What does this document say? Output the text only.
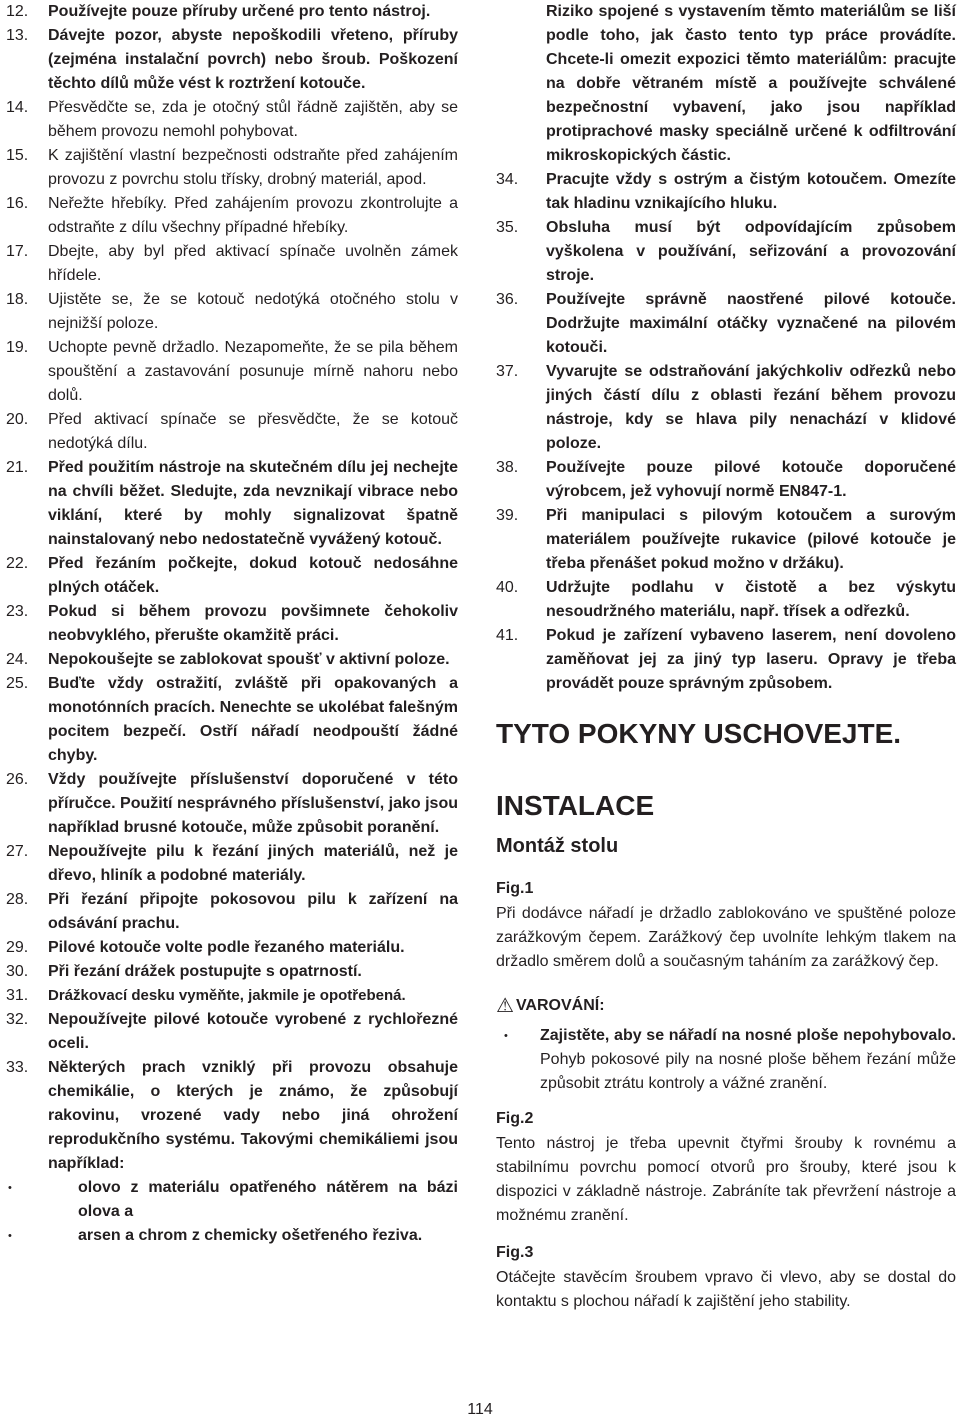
12. Používejte pouze příruby určené pro tento nástroj.
13. Dávejte pozor, abyste nepoškodili vřeteno, příruby (zejména instalační povrch) nebo šroub. Poškození těchto dílů může vést k roztržení kotouče.
14. Přesvědčte se, zda je otočný stůl řádně zajištěn, aby se během provozu nemohl pohybovat.
15. K zajištění vlastní bezpečnosti odstraňte před zahájením provozu z povrchu stolu třísky, drobný materiál, apod.
16. Neřežte hřebíky. Před zahájením provozu zkontrolujte a odstraňte z dílu všechny případné hřebíky.
17. Dbejte, aby byl před aktivací spínače uvolněn zámek hřídele.
18. Ujistěte se, že se kotouč nedotýká otočného stolu v nejnižší poloze.
19. Uchopte pevně držadlo. Nezapomeňte, že se pila během spouštění a zastavování posunuje mírně nahoru nebo dolů.
20. Před aktivací spínače se přesvědčte, že se kotouč nedotýká dílu.
21. Před použitím nástroje na skutečném dílu jej nechejte na chvíli běžet. Sledujte, zda nevznikají vibrace nebo viklání, které by mohly signalizovat špatně nainstalovaný nebo nedostatečně vyvážený kotouč.
22. Před řezáním počkejte, dokud kotouč nedosáhne plných otáček.
23. Pokud si během provozu povšimnete čehokoliv neobvyklého, přerušte okamžitě práci.
24. Nepokoušejte se zablokovat spoušť v aktivní poloze.
25. Buďte vždy ostražití, zvláště při opakovaných a monotónních pracích. Nenechte se ukolébat falešným pocitem bezpečí. Ostří nářadí neodpouští žádné chyby.
26. Vždy používejte příslušenství doporučené v této příručce. Použití nesprávného příslušenství, jako jsou například brusné kotouče, může způsobit poranění.
27. Nepoužívejte pilu k řezání jiných materiálů, než je dřevo, hliník a podobné materiály.
28. Při řezání připojte pokosovou pilu k zařízení na odsávání prachu.
29. Pilové kotouče volte podle řezaného materiálu.
30. Při řezání drážek postupujte s opatrností.
31. Drážkovací desku vyměňte, jakmile je opotřebená.
32. Nepoužívejte pilové kotouče vyrobené z rychlořezné oceli.
33. Některých prach vzniklý při provozu obsahuje chemikálie, o kterých je známo, že způsobují rakovinu, vrozené vady nebo jiná ohrožení reprodukčního systému. Takovými chemikáliemi jsou například:
•	olovo z materiálu opatřeného nátěrem na bázi olova a
•	arsen a chrom z chemicky ošetřeného řeziva.
Riziko spojené s vystavením těmto materiálům se liší podle toho, jak často tento typ práce provádíte. Chcete-li omezit expozici těmto materiálům: pracujte na dobře větraném místě a používejte schválené bezpečnostní vybavení, jako jsou například protiprachové masky speciálně určené k odfiltrování mikroskopických částic.
34. Pracujte vždy s ostrým a čistým kotoučem. Omezíte tak hladinu vznikajícího hluku.
35. Obsluha musí být odpovídajícím způsobem vyškolena v používání, seřizování a provozování stroje.
36. Používejte správně naostřené pilové kotouče. Dodržujte maximální otáčky vyznačené na pilovém kotouči.
37. Vyvarujte se odstraňování jakýchkoliv odřezků nebo jiných částí dílu z oblasti řezání během provozu nástroje, kdy se hlava pily nenachází v klidové poloze.
38. Používejte pouze pilové kotouče doporučené výrobcem, jež vyhovují normě EN847-1.
39. Při manipulaci s pilovým kotoučem a surovým materiálem používejte rukavice (pilové kotouče je třeba přenášet pokud možno v držáku).
40. Udržujte podlahu v čistotě a bez výskytu nesoudržného materiálu, např. třísek a odřezků.
41. Pokud je zařízení vybaveno laserem, není dovoleno zaměňovat jej za jiný typ laseru. Opravy je třeba provádět pouze správným způsobem.
TYTO POKYNY USCHOVEJTE.
INSTALACE
Montáž stolu
Fig.1
Při dodávce nářadí je držadlo zablokováno ve spuštěné poloze zarážkovým čepem. Zarážkový čep uvolníte lehkým tlakem na držadlo směrem dolů a současným taháním za zarážkový čep.
⚠ VAROVÁNÍ:
• Zajistěte, aby se nářadí na nosné ploše nepohybovalo. Pohyb pokosové pily na nosné ploše během řezání může způsobit ztrátu kontroly a vážné zranění.
Fig.2
Tento nástroj je třeba upevnit čtyřmi šrouby k rovnému a stabilnímu povrchu pomocí otvorů pro šrouby, které jsou k dispozici v základně nástroje. Zabráníte tak převržení nástroje a možnému zranění.
Fig.3
Otáčejte stavěcím šroubem vpravo či vlevo, aby se dostal do kontaktu s plochou nářadí k zajištění jeho stability.
114
